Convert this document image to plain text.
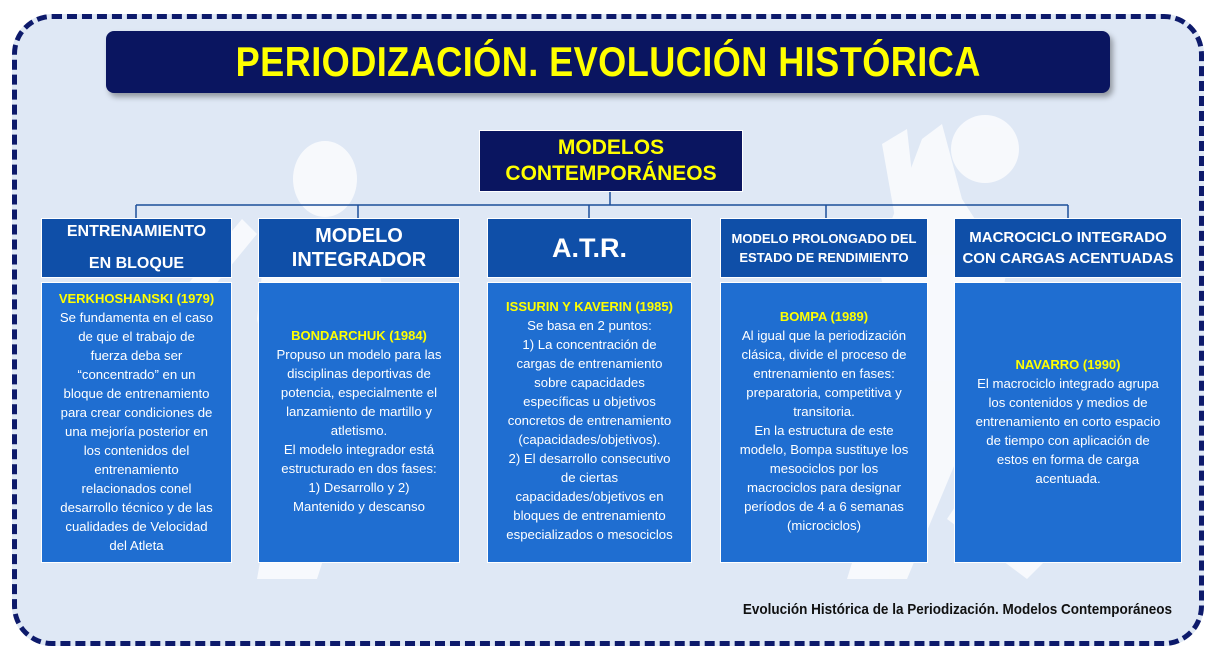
PERIODIZACIÓN. EVOLUCIÓN HISTÓRICA
MODELOS
CONTEMPORÁNEOS
ENTRENAMIENTO
EN BLOQUE
VERKHOSHANSKI (1979)
Se fundamenta en el caso
de que el trabajo de
fuerza deba ser
“concentrado” en un
bloque de entrenamiento
para crear condiciones de
una mejoría posterior en
los contenidos del
entrenamiento
relacionados conel
desarrollo técnico y de las
cualidades de Velocidad
del Atleta
MODELO
INTEGRADOR
BONDARCHUK (1984)
Propuso un modelo para las
disciplinas deportivas de
potencia, especialmente el
lanzamiento de martillo y
atletismo.
El modelo integrador está
estructurado en dos fases:
1) Desarrollo y 2)
Mantenido y descanso
A.T.R.
ISSURIN Y KAVERIN (1985)
Se basa en 2 puntos:
1) La concentración de
cargas de entrenamiento
sobre capacidades
específicas u objetivos
concretos de entrenamiento
(capacidades/objetivos).
2) El desarrollo consecutivo
de ciertas
capacidades/objetivos en
bloques de entrenamiento
especializados o mesociclos
MODELO PROLONGADO DEL
ESTADO DE RENDIMIENTO
BOMPA (1989)
Al igual que la periodización
clásica, divide el proceso de
entrenamiento en fases:
preparatoria, competitiva y
transitoria.
En la estructura de este
modelo, Bompa sustituye los
mesociclos por los
macrociclos para designar
períodos de 4 a 6 semanas
(microciclos)
MACROCICLO INTEGRADO
CON CARGAS ACENTUADAS
NAVARRO (1990)
El macrociclo integrado agrupa
los contenidos y medios de
entrenamiento en corto espacio
de tiempo con aplicación de
estos en forma de carga
acentuada.
Evolución Histórica de la Periodización. Modelos Contemporáneos
